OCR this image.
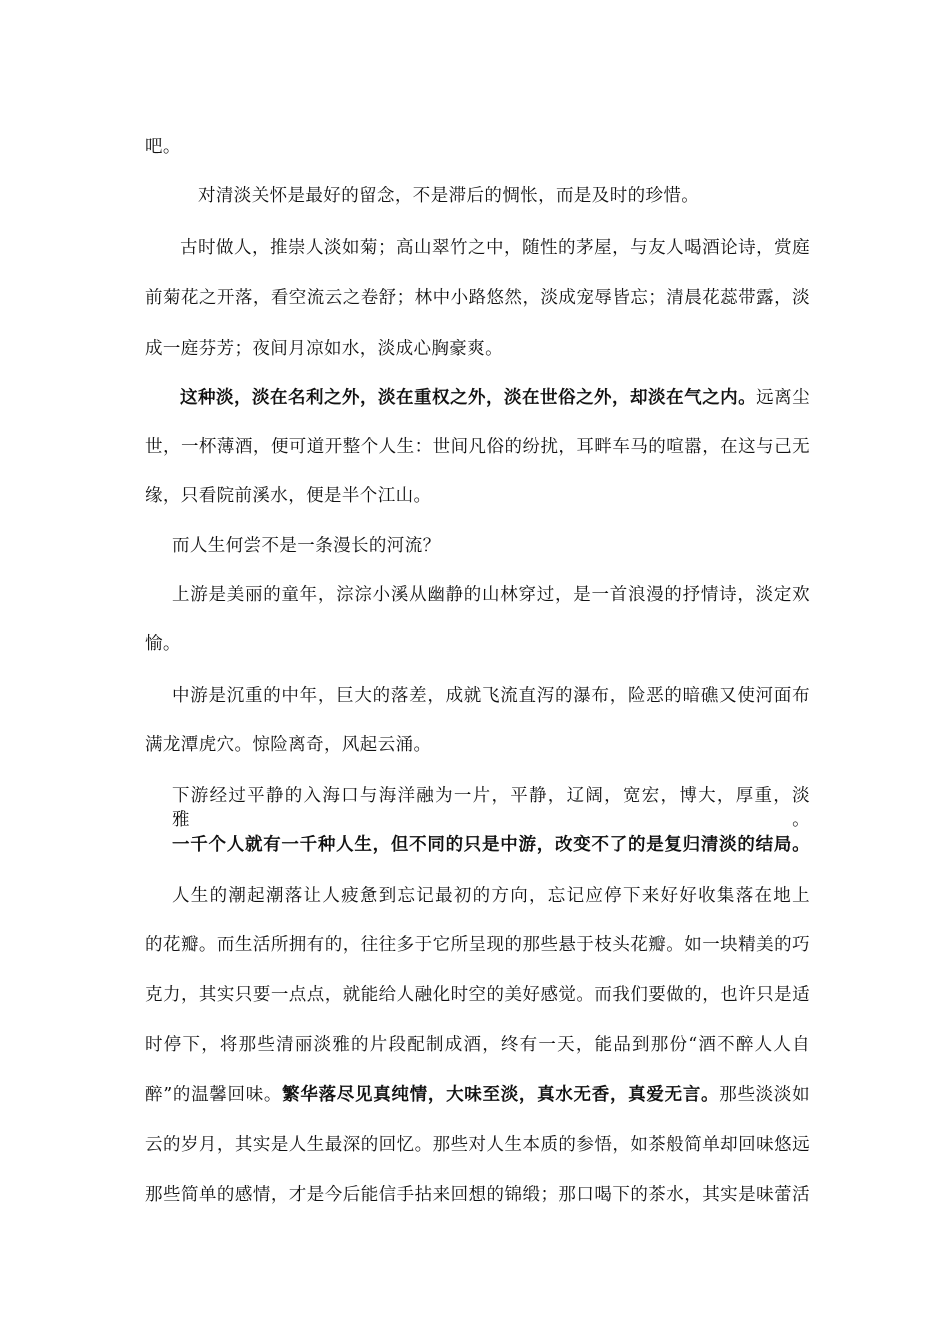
吧。
对清淡关怀是最好的留念，不是滞后的惆怅，而是及时的珍惜。
古时做人，推崇人淡如菊；高山翠竹之中，随性的茅屋，与友人喝酒论诗，赏庭
前菊花之开落，看空流云之卷舒；林中小路悠然，淡成宠辱皆忘；清晨花蕊带露，淡
成一庭芬芳；夜间月凉如水，淡成心胸豪爽。
这种淡，淡在名利之外，淡在重权之外，淡在世俗之外，却淡在气之内。远离尘
世，一杯薄酒，便可道开整个人生：世间凡俗的纷扰，耳畔车马的喧嚣，在这与己无
缘，只看院前溪水，便是半个江山。
而人生何尝不是一条漫长的河流？
上游是美丽的童年，淙淙小溪从幽静的山林穿过，是一首浪漫的抒情诗，淡定欢
愉。
中游是沉重的中年，巨大的落差，成就飞流直泻的瀑布，险恶的暗礁又使河面布
满龙潭虎穴。惊险离奇，风起云涌。
下游经过平静的入海口与海洋融为一片，平静，辽阔，宽宏，博大，厚重，淡雅。
一千个人就有一千种人生，但不同的只是中游，改变不了的是复归清淡的结局。
人生的潮起潮落让人疲惫到忘记最初的方向，忘记应停下来好好收集落在地上
的花瓣。而生活所拥有的，往往多于它所呈现的那些悬于枝头花瓣。如一块精美的巧
克力，其实只要一点点，就能给人融化时空的美好感觉。而我们要做的，也许只是适
时停下，将那些清丽淡雅的片段配制成酒，终有一天，能品到那份“酒不醉人人自
醉”的温馨回味。繁华落尽见真纯情，大味至淡，真水无香，真爱无言。那些淡淡如
云的岁月，其实是人生最深的回忆。那些对人生本质的参悟，如茶般简单却回味悠远
那些简单的感情，才是今后能信手拈来回想的锦缎；那口喝下的茶水，其实是味蕾活
